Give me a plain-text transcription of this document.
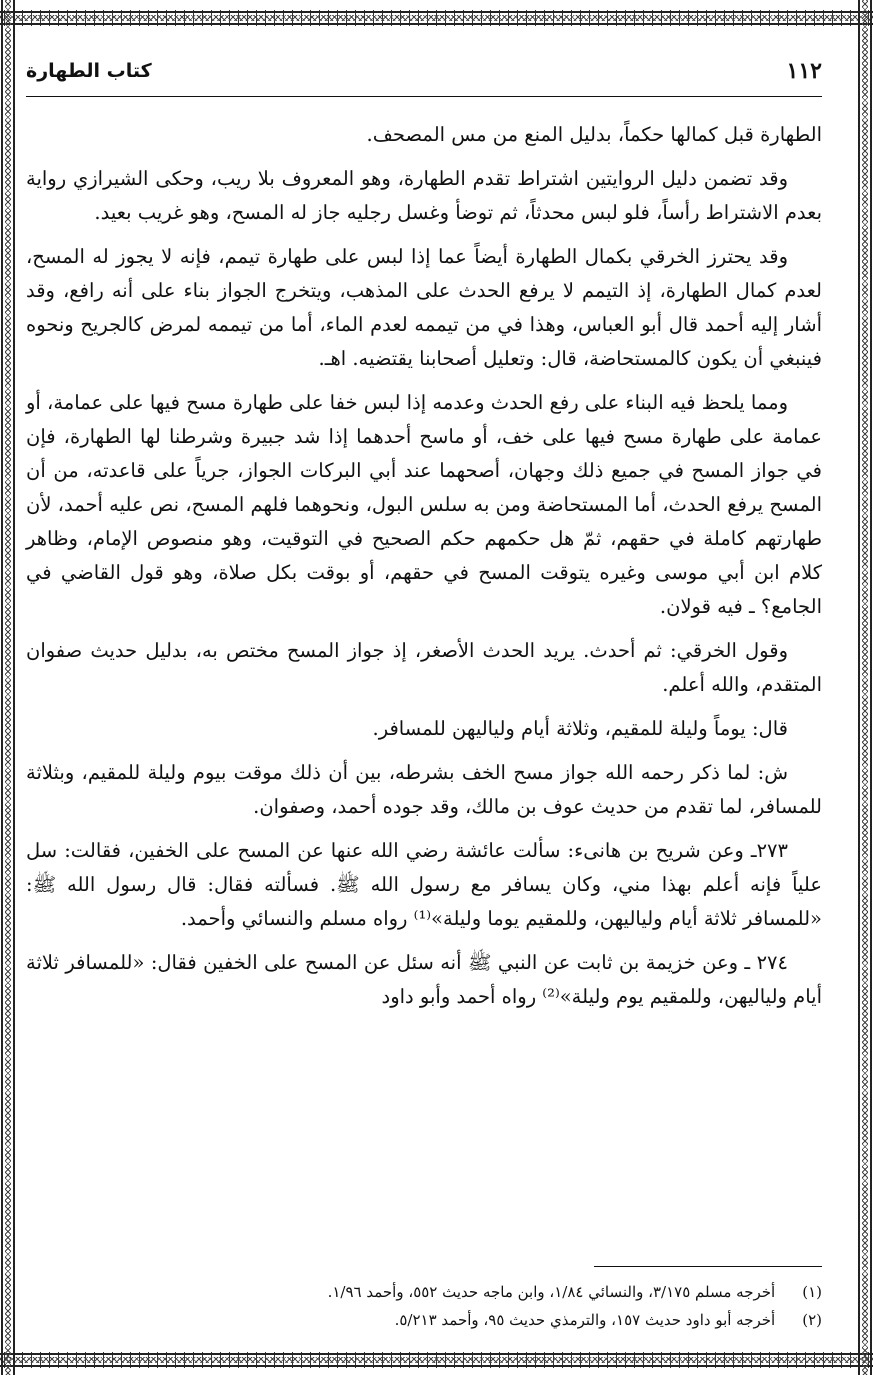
١١٢
كتاب الطهارة

الطهارة قبل كمالها حكماً، بدليل المنع من مس المصحف.

وقد تضمن دليل الروايتين اشتراط تقدم الطهارة، وهو المعروف بلا ريب، وحكى الشيرازي رواية بعدم الاشتراط رأساً، فلو لبس محدثاً، ثم توضأ وغسل رجليه جاز له المسح، وهو غريب بعيد.

وقد يحترز الخرقي بكمال الطهارة أيضاً عما إذا لبس على طهارة تيمم، فإنه لا يجوز له المسح، لعدم كمال الطهارة، إذ التيمم لا يرفع الحدث على المذهب، ويتخرج الجواز بناء على أنه رافع، وقد أشار إليه أحمد قال أبو العباس، وهذا في من تيممه لعدم الماء، أما من تيممه لمرض كالجريح ونحوه فينبغي أن يكون كالمستحاضة، قال: وتعليل أصحابنا يقتضيه. اهـ.

ومما يلحظ فيه البناء على رفع الحدث وعدمه إذا لبس خفا على طهارة مسح فيها على عمامة، أو عمامة على طهارة مسح فيها على خف، أو ماسح أحدهما إذا شد جبيرة وشرطنا لها الطهارة، فإن في جواز المسح في جميع ذلك وجهان، أصحهما عند أبي البركات الجواز، جرياً على قاعدته، من أن المسح يرفع الحدث، أما المستحاضة ومن به سلس البول، ونحوهما فلهم المسح، نص عليه أحمد، لأن طهارتهم كاملة في حقهم، ثمّ هل حكمهم حكم الصحيح في التوقيت، وهو منصوص الإمام، وظاهر كلام ابن أبي موسى وغيره يتوقت المسح في حقهم، أو بوقت بكل صلاة، وهو قول القاضي في الجامع؟ ـ فيه قولان.

وقول الخرقي: ثم أحدث. يريد الحدث الأصغر، إذ جواز المسح مختص به، بدليل حديث صفوان المتقدم، والله أعلم.

قال: يوماً وليلة للمقيم، وثلاثة أيام ولياليهن للمسافر.

ش: لما ذكر رحمه الله جواز مسح الخف بشرطه، بين أن ذلك موقت بيوم وليلة للمقيم، وبثلاثة للمسافر، لما تقدم من حديث عوف بن مالك، وقد جوده أحمد، وصفوان.

٢٧٣ـ وعن شريح بن هانىء: سألت عائشة رضي الله عنها عن المسح على الخفين، فقالت: سل علياً فإنه أعلم بهذا مني، وكان يسافر مع رسول الله ﷺ. فسألته فقال: قال رسول الله ﷺ: «للمسافر ثلاثة أيام ولياليهن، وللمقيم يوما وليلة»⁽¹⁾ رواه مسلم والنسائي وأحمد.

٢٧٤ ـ وعن خزيمة بن ثابت عن النبي ﷺ أنه سئل عن المسح على الخفين فقال: «للمسافر ثلاثة أيام ولياليهن، وللمقيم يوم وليلة»⁽²⁾ رواه أحمد وأبو داود

(١) أخرجه مسلم ٣/١٧٥، والنسائي ١/٨٤، وابن ماجه حديث ٥٥٢، وأحمد ١/٩٦.
(٢) أخرجه أبو داود حديث ١٥٧، والترمذي حديث ٩٥، وأحمد ٥/٢١٣.
